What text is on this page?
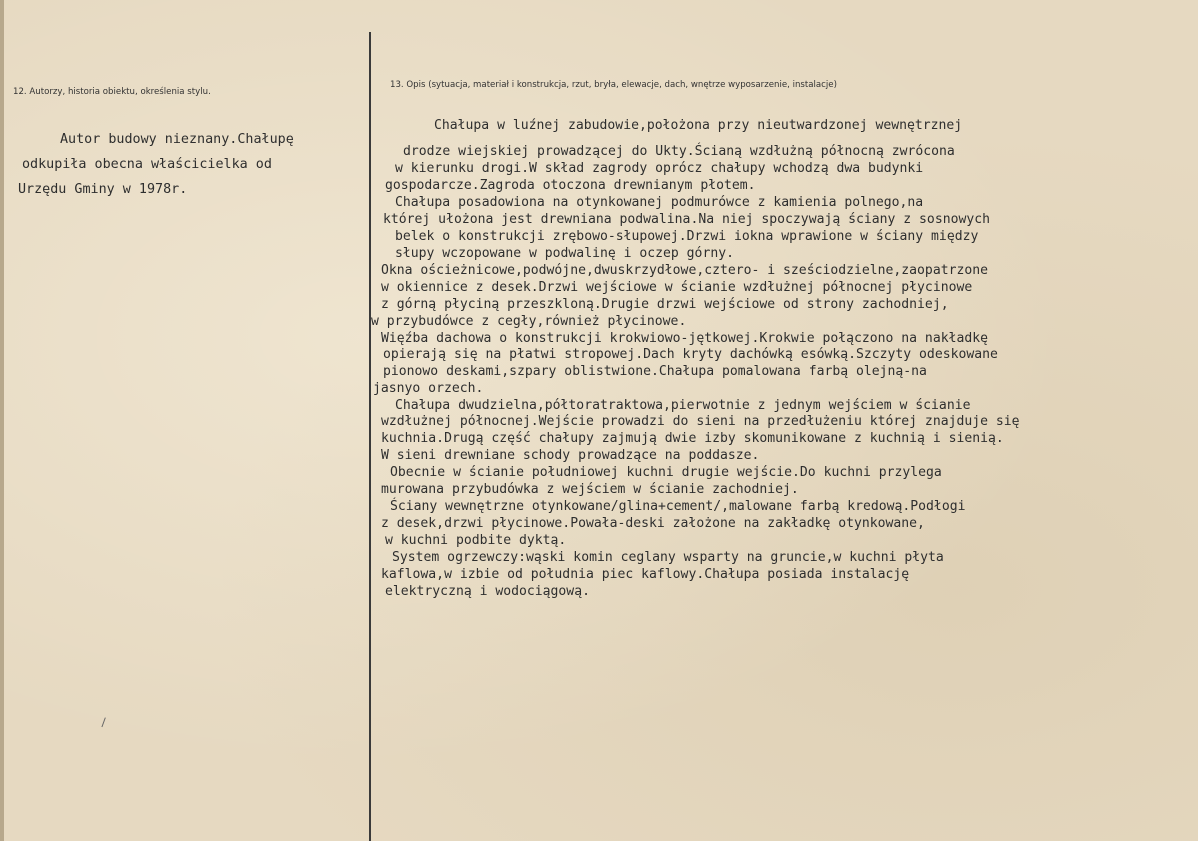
12. Autorzy, historia obiektu, określenia stylu.
13. Opis (sytuacja, materiał i konstrukcja, rzut, bryła, elewacje, dach, wnętrze wyposarzenie, instalacje)
Autor budowy nieznany.Chałupę
odkupiła obecna właścicielka od
Urzędu Gminy w 1978r.
Chałupa w luźnej zabudowie,położona przy nieutwardzonej wewnętrznej
drodze wiejskiej prowadzącej do Ukty.Ścianą wzdłużną północną zwrócona
w kierunku drogi.W skład zagrody oprócz chałupy wchodzą dwa budynki
gospodarcze.Zagroda otoczona drewnianym płotem.
Chałupa posadowiona na otynkowanej podmurówce z kamienia polnego,na
której ułożona jest drewniana podwalina.Na niej spoczywają ściany z sosnowych
belek o konstrukcji zrębowo-słupowej.Drzwi iokna wprawione w ściany między
słupy wczopowane w podwalinę i oczep górny.
Okna ościeżnicowe,podwójne,dwuskrzydłowe,cztero- i sześciodzielne,zaopatrzone
w okiennice z desek.Drzwi wejściowe w ścianie wzdłużnej północnej płycinowe
z górną płyciną przeszkloną.Drugie drzwi wejściowe od strony zachodniej,
w przybudówce z cegły,również płycinowe.
Więźba dachowa o konstrukcji krokwiowo-jętkowej.Krokwie połączono na nakładkę
opierają się na płatwi stropowej.Dach kryty dachówką esówką.Szczyty odeskowane
pionowo deskami,szpary oblistwione.Chałupa pomalowana farbą olejną-na
jasnyo orzech.
Chałupa dwudzielna,półtoratraktowa,pierwotnie z jednym wejściem w ścianie
wzdłużnej północnej.Wejście prowadzi do sieni na przedłużeniu której znajduje się
kuchnia.Drugą część chałupy zajmują dwie izby skomunikowane z kuchnią i sienią.
W sieni drewniane schody prowadzące na poddasze.
Obecnie w ścianie południowej kuchni drugie wejście.Do kuchni przylega
murowana przybudówka z wejściem w ścianie zachodniej.
Ściany wewnętrzne otynkowane/glina+cement/,malowane farbą kredową.Podłogi
z desek,drzwi płycinowe.Powała-deski założone na zakładkę otynkowane,
w kuchni podbite dyktą.
System ogrzewczy:wąski komin ceglany wsparty na gruncie,w kuchni płyta
kaflowa,w izbie od południa piec kaflowy.Chałupa posiada instalację
elektryczną i wodociągową.
